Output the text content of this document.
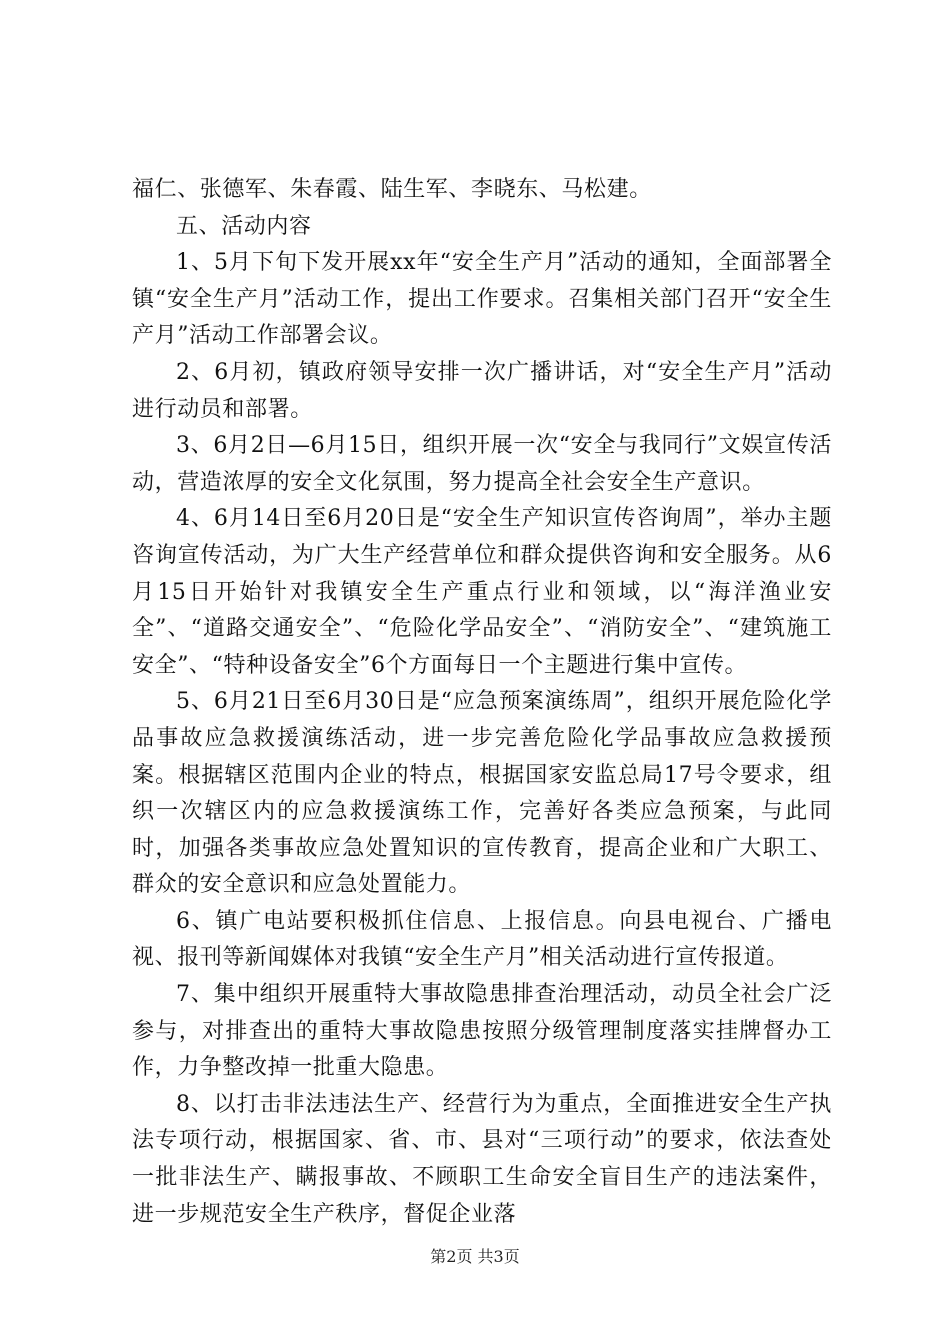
福仁、张德军、朱春霞、陆生军、李晓东、马松建。

五、活动内容

1、5月下旬下发开展xx年“安全生产月”活动的通知，全面部署全镇“安全生产月”活动工作，提出工作要求。召集相关部门召开“安全生产月”活动工作部署会议。

2、6月初，镇政府领导安排一次广播讲话，对“安全生产月”活动进行动员和部署。

3、6月2日—6月15日，组织开展一次“安全与我同行”文娱宣传活动，营造浓厚的安全文化氛围，努力提高全社会安全生产意识。

4、6月14日至6月20日是“安全生产知识宣传咨询周”，举办主题咨询宣传活动，为广大生产经营单位和群众提供咨询和安全服务。从6月15日开始针对我镇安全生产重点行业和领域，以“海洋渔业安全”、“道路交通安全”、“危险化学品安全”、“消防安全”、“建筑施工安全”、“特种设备安全”6个方面每日一个主题进行集中宣传。

5、6月21日至6月30日是“应急预案演练周”，组织开展危险化学品事故应急救援演练活动，进一步完善危险化学品事故应急救援预案。根据辖区范围内企业的特点，根据国家安监总局17号令要求，组织一次辖区内的应急救援演练工作，完善好各类应急预案，与此同时，加强各类事故应急处置知识的宣传教育，提高企业和广大职工、群众的安全意识和应急处置能力。

6、镇广电站要积极抓住信息、上报信息。向县电视台、广播电视、报刊等新闻媒体对我镇“安全生产月”相关活动进行宣传报道。

7、集中组织开展重特大事故隐患排查治理活动，动员全社会广泛参与，对排查出的重特大事故隐患按照分级管理制度落实挂牌督办工作，力争整改掉一批重大隐患。

8、以打击非法违法生产、经营行为为重点，全面推进安全生产执法专项行动，根据国家、省、市、县对“三项行动”的要求，依法查处一批非法生产、瞒报事故、不顾职工生命安全盲目生产的违法案件，进一步规范安全生产秩序，督促企业落

第2页 共3页
